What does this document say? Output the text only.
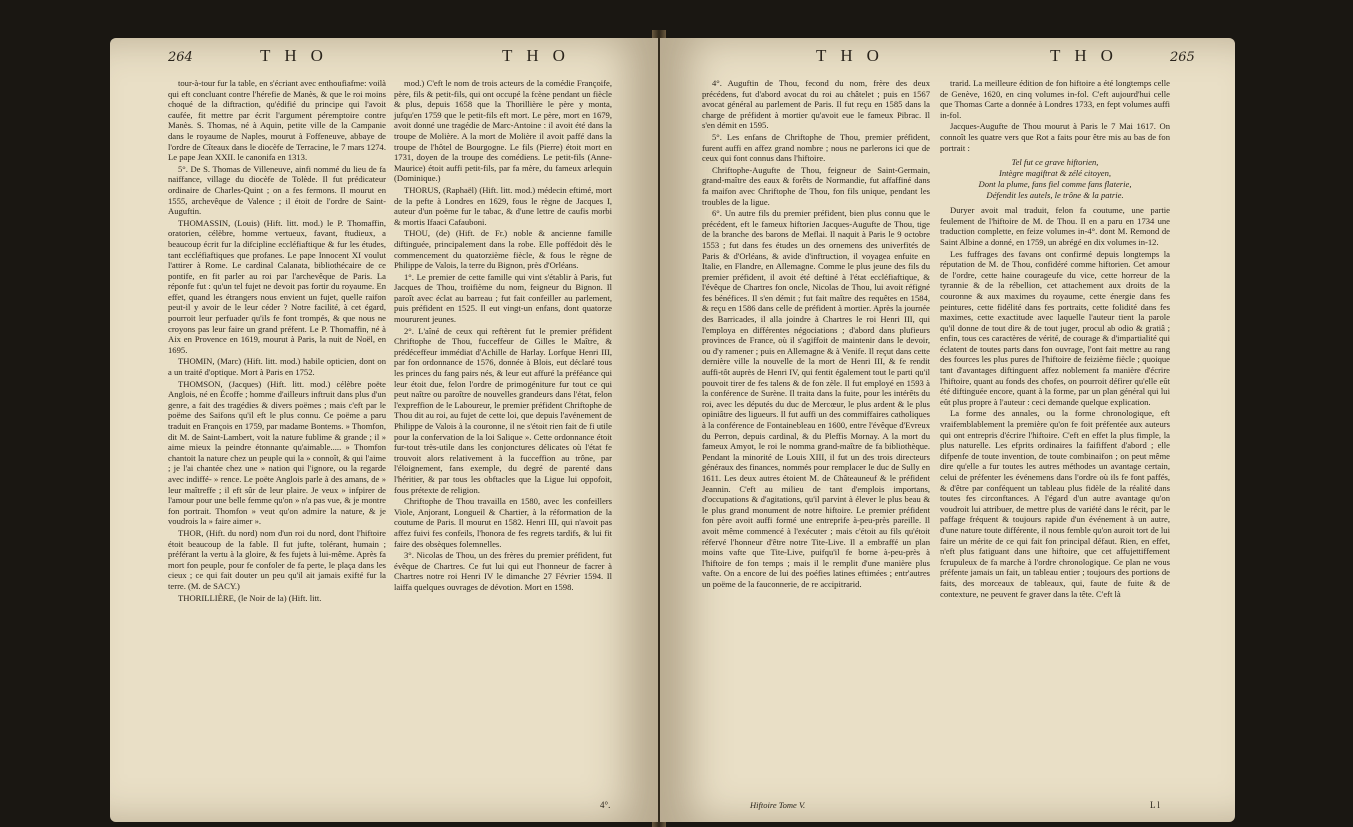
264	THO	THO

tour-à-tour fur la table, en s'écriant avec enthoufiafme: voilà qui eft concluant contre l'hérefie de Manès, & que le roi moins choqué de la diftraction, qu'édifié du principe qui l'avoit caufée, fit mettre par écrit l'argument péremptoire contre Manès. S. Thomas, né à Aquin, petite ville de la Campanie dans le royaume de Naples, mourut à Foffeneuve, abbaye de l'ordre de Cîteaux dans le diocèfe de Terracine, le 7 mars 1274. Le pape Jean XXII. le canonifa en 1313.

5°. De S. Thomas de Villeneuve, ainfi nommé du lieu de fa naiffance, village du diocèfe de Tolède. Il fut prédicateur ordinaire de Charles-Quint ; on a fes fermons. Il mourut en 1555, archevêque de Valence ; il étoit de l'ordre de Saint-Auguftin.

THOMASSIN, (Louis) (Hift. litt. mod.) le P. Thomaffin, oratorien, célèbre, homme vertueux, favant, ftudieux, a beaucoup écrit fur la difcipline eccléfiaftique & fur les études, tant eccléfiaftiques que profanes. Le pape Innocent XI voulut l'attirer à Rome. Le cardinal Calanata, bibliothécaire de ce pontife, en fit parler au roi par l'archevêque de Paris. La réponfe fut : qu'un tel fujet ne devoit pas fortir du royaume. En effet, quand les étrangers nous envient un fujet, quelle raifon peut-il y avoir de le leur céder ? Notre facilité, à cet égard, pourroit leur perfuader qu'ils fe font trompés, & que nous ne croyons pas leur faire un grand préfent. Le P. Thomaffin, né à Aix en Provence en 1619, mourut à Paris, la nuit de Noël, en 1695.

THOMIN, (Marc) (Hift. litt. mod.) habile opticien, dont on a un traité d'optique. Mort à Paris en 1752.

THOMSON, (Jacques) (Hift. litt. mod.) célèbre poëte Anglois, né en Écoffe ; homme d'ailleurs inftruit dans plus d'un genre, a fait des tragédies & divers poëmes ; mais c'eft par le poëme des Saifons qu'il eft le plus connu. Ce poëme a paru traduit en François en 1759, par madame Bontems. » Thomfon, dit M. de Saint-Lambert, voit la nature fublime & grande ; il » aime mieux la peindre étonnante qu'aimable..... » Thomfon chantoit la nature chez un peuple qui la » connoît, & qui l'aime ; je l'ai chantée chez une » nation qui l'ignore, ou la regarde avec indiffé- » rence. Le poëte Anglois parle à des amans, de » leur maîtreffe ; il eft sûr de leur plaire. Je veux » infpirer de l'amour pour une belle femme qu'on » n'a pas vue, & je montre fon portrait. Thomfon » veut qu'on admire la nature, & je voudrois la » faire aimer ».

THOR, (Hift. du nord) nom d'un roi du nord, dont l'hiftoire étoit beaucoup de la fable. Il fut jufte, tolérant, humain ; préférant la vertu à la gloire, & fes fujets à lui-même. Après fa mort fon peuple, pour fe confoler de fa perte, le plaça dans les cieux ; ce qui fait douter un peu qu'il ait jamais exifté fur la terre. (M. de SACY.)

THORILLIÈRE, (le Noir de la) (Hift. litt.

mod.) C'eft le nom de trois acteurs de la comédie Françoife, père, fils & petit-fils, qui ont occupé la fcène pendant un fiècle & plus, depuis 1658 que la Thorillière le père y monta, jufqu'en 1759 que le petit-fils eft mort. Le père, mort en 1679, avoit donné une tragédie de Marc-Antoine : il avoit été dans la troupe de Molière. A la mort de Molière il avoit paffé dans la troupe de l'hôtel de Bourgogne. Le fils (Pierre) étoit mort en 1731, doyen de la troupe des comédiens. Le petit-fils (Anne-Maurice) étoit auffi petit-fils, par fa mère, du fameux arlequin (Dominique.)

THORUS, (Raphaël) (Hift. litt. mod.) médecin eftimé, mort de la pefte à Londres en 1629, fous le règne de Jacques I, auteur d'un poëme fur le tabac, & d'une lettre de caufis morbi & mortis Ifaaci Cafauboni.

THOU, (de) (Hift. de Fr.) noble & ancienne famille diftinguée, principalement dans la robe. Elle poffédoit dès le commencement du quatorzième fiècle, & fous le règne de Philippe de Valois, la terre du Bignon, près d'Orléans.

1°. Le premier de cette famille qui vint s'établir à Paris, fut Jacques de Thou, troifième du nom, feigneur du Bignon. Il paroît avec éclat au barreau ; fut fait confeiller au parlement, puis préfident en 1525. Il eut vingt-un enfans, dont quatorze moururent jeunes.

2°. L'aîné de ceux qui reftèrent fut le premier préfident Chriftophe de Thou, fucceffeur de Gilles le Maître, & prédéceffeur immédiat d'Achille de Harlay. Lorfque Henri III, par fon ordonnance de 1576, donnée à Blois, eut déclaré tous les princes du fang pairs nés, & leur eut affuré la préféance qui leur étoit due, felon l'ordre de primogéniture fur tout ce qui peut naître ou paroître de nouvelles grandeurs dans l'état, felon l'expreffion de le Laboureur, le premier préfident Chriftophe de Thou dit au roi, au fujet de cette loi, que depuis l'avénement de Philippe de Valois à la couronne, il ne s'étoit rien fait de fi utile pour la confervation de la loi Salique ». Cette ordonnance étoit fur-tout très-utile dans les conjonctures délicates où l'état fe trouvoit alors relativement à la fucceffion au trône, par l'éloignement, fans exemple, du degré de parenté dans l'héritier, & par tous les obftacles que la Ligue lui oppofoit, fous prétexte de religion.

Chriftophe de Thou travailla en 1580, avec les confeillers Viole, Anjorant, Longueil & Chartier, à la réformation de la coutume de Paris. Il mourut en 1582. Henri III, qui n'avoit pas affez fuivi fes confeils, l'honora de fes regrets tardifs, & lui fit faire des obsèques folemnelles.

3°. Nicolas de Thou, un des frères du premier préfident, fut évêque de Chartres. Ce fut lui qui eut l'honneur de facrer à Chartres notre roi Henri IV le dimanche 27 Février 1594. Il laiffa quelques ouvrages de dévotion. Mort en 1598.

4°.
THO	THO	265

4°. Auguftin de Thou, fecond du nom, frère des deux précédens, fut d'abord avocat du roi au châtelet ; puis en 1567 avocat général au parlement de Paris. Il fut reçu en 1585 dans la charge de préfident à mortier qu'avoit eue le fameux Pibrac. Il s'en démit en 1595.

5°. Les enfans de Chriftophe de Thou, premier préfident, furent auffi en affez grand nombre ; nous ne parlerons ici que de ceux qui font connus dans l'hiftoire.

Chriftophe-Augufte de Thou, feigneur de Saint-Germain, grand-maître des eaux & forêts de Normandie, fut affaffiné dans fa maifon avec Chriftophe de Thou, fon fils unique, pendant les troubles de la ligue.

6°. Un autre fils du premier préfident, bien plus connu que le précédent, eft le fameux hiftorien Jacques-Augufte de Thou, tige de la branche des barons de Meflai. Il naquit à Paris le 9 octobre 1553 ; fut dans fes études un des ornemens des univerfités de Paris & d'Orléans, & avide d'inftruction, il voyagea enfuite en Italie, en Flandre, en Allemagne. Comme le plus jeune des fils du premier préfident, il avoit été deftiné à l'état eccléfiaftique, & l'évêque de Chartres fon oncle, Nicolas de Thou, lui avoit réfigné fes bénéfices. Il s'en démit ; fut fait maître des requêtes en 1584, & reçu en 1586 dans celle de préfident à mortier. Après la journée des Barricades, il alla joindre à Chartres le roi Henri III, qui l'employa en différentes négociations ; d'abord dans plufieurs provinces de France, où il s'agiffoit de maintenir dans le devoir, ou d'y ramener ; puis en Allemagne & à Venife. Il reçut dans cette dernière ville la nouvelle de la mort de Henri III, & fe rendit auffi-tôt auprès de Henri IV, qui fentit également tout le parti qu'il pouvoit tirer de fes talens & de fon zèle. Il fut employé en 1593 à la conférence de Surène. Il traita dans la fuite, pour les intérêts du roi, avec les députés du duc de Mercœur, le plus ardent & le plus opiniâtre des ligueurs. Il fut auffi un des commiffaires catholiques à la conférence de Fontainebleau en 1600, entre l'évêque d'Evreux du Perron, depuis cardinal, & du Pleffis Mornay. A la mort du fameux Amyot, le roi le nomma grand-maître de fa bibliothèque. Pendant la minorité de Louis XIII, il fut un des trois directeurs généraux des finances, nommés pour remplacer le duc de Sully en 1611. Les deux autres étoient M. de Châteauneuf & le préfident Jeannin. C'eft au milieu de tant d'emplois importans, d'occupations & d'agitations, qu'il parvint à élever le plus beau & le plus grand monument de notre hiftoire. Le premier préfident fon père avoit auffi formé une entreprife à-peu-près pareille. Il avoit même commencé à l'exécuter ; mais c'étoit au fils qu'étoit réfervé l'honneur d'être notre Tite-Live. Il a embraffé un plan moins vafte que Tite-Live, puifqu'il fe borne à-peu-près à l'hiftoire de fon temps ; mais il le remplit d'une manière plus vafte. On a encore de lui des poéfies latines eftimées ; entr'autres un poëme de la fauconnerie, de re accipitrarid.

trarid. La meilleure édition de fon hiftoire a été longtemps celle de Genève, 1620, en cinq volumes in-fol. C'eft aujourd'hui celle que Thomas Carte a donnée à Londres 1733, en fept volumes auffi in-fol.

Jacques-Augufte de Thou mourut à Paris le 7 Mai 1617. On connoît les quatre vers que Rot a faits pour être mis au bas de fon portrait :

Tel fut ce grave hiftorien,
Intègre magiftrat & zélé citoyen,
Dont la plume, fans fiel comme fans flaterie,
Défendit les autels, le trône & la patrie.

Duryer avoit mal traduit, felon fa coutume, une partie feulement de l'hiftoire de M. de Thou. Il en a paru en 1734 une traduction complette, en feize volumes in-4°. dont M. Remond de Saint Albine a donné, en 1759, un abrégé en dix volumes in-12.

Les fuffrages des favans ont confirmé depuis longtemps la réputation de M. de Thou, confidéré comme hiftorien. Cet amour de l'ordre, cette haine courageufe du vice, cette horreur de la tyrannie & de la rébellion, cet attachement aux droits de la couronne & aux maximes du royaume, cette énergie dans fes peintures, cette fidélité dans fes portraits, cette folidité dans fes maximes, cette exactitude avec laquelle l'auteur tient la parole qu'il donne de tout dire & de tout juger, procul ab odio & gratiâ ; enfin, tous ces caractères de vérité, de courage & d'impartialité qui éclatent de toutes parts dans fon ouvrage, l'ont fait mettre au rang des fources les plus pures de l'hiftoire de feizième fiècle ; quoique tant d'avantages diftinguent affez noblement fa manière d'écrire l'hiftoire, quant au fonds des chofes, on pourroit défirer qu'elle eût été diftinguée encore, quant à la forme, par un plan général qui lui eût plus propre à l'auteur : ceci demande quelque explication.

La forme des annales, ou la forme chronologique, eft vraifemblablement la première qu'on fe foit préfentée aux auteurs qui ont entrepris d'écrire l'hiftoire. C'eft en effet la plus fimple, la plus naturelle. Les efprits ordinaires la faififfent d'abord ; elle difpenfe de toute invention, de toute combinaifon ; on peut même dire qu'elle a fur toutes les autres méthodes un avantage certain, celui de préfenter les événemens dans l'ordre où ils fe font paffés, & d'être par conféquent un tableau plus fidèle de la réalité dans toutes fes circonftances. A l'égard d'un autre avantage qu'on voudroit lui attribuer, de mettre plus de variété dans le récit, par le paffage fréquent & toujours rapide d'un événement à un autre, d'une nature toute différente, il nous femble qu'on auroit tort de lui faire un mérite de ce qui fait fon principal défaut. Rien, en effet, n'eft plus fatiguant dans une hiftoire, que cet affujettiffement fcrupuleux de fa marche à l'ordre chronologique. Ce plan ne vous préfente jamais un fait, un tableau entier ; toujours des portions de faits, des morceaux de tableaux, qui, faute de fuite & de contexture, ne peuvent fe graver dans la tête. C'eft là

Hiftoire Tome V.	L l
